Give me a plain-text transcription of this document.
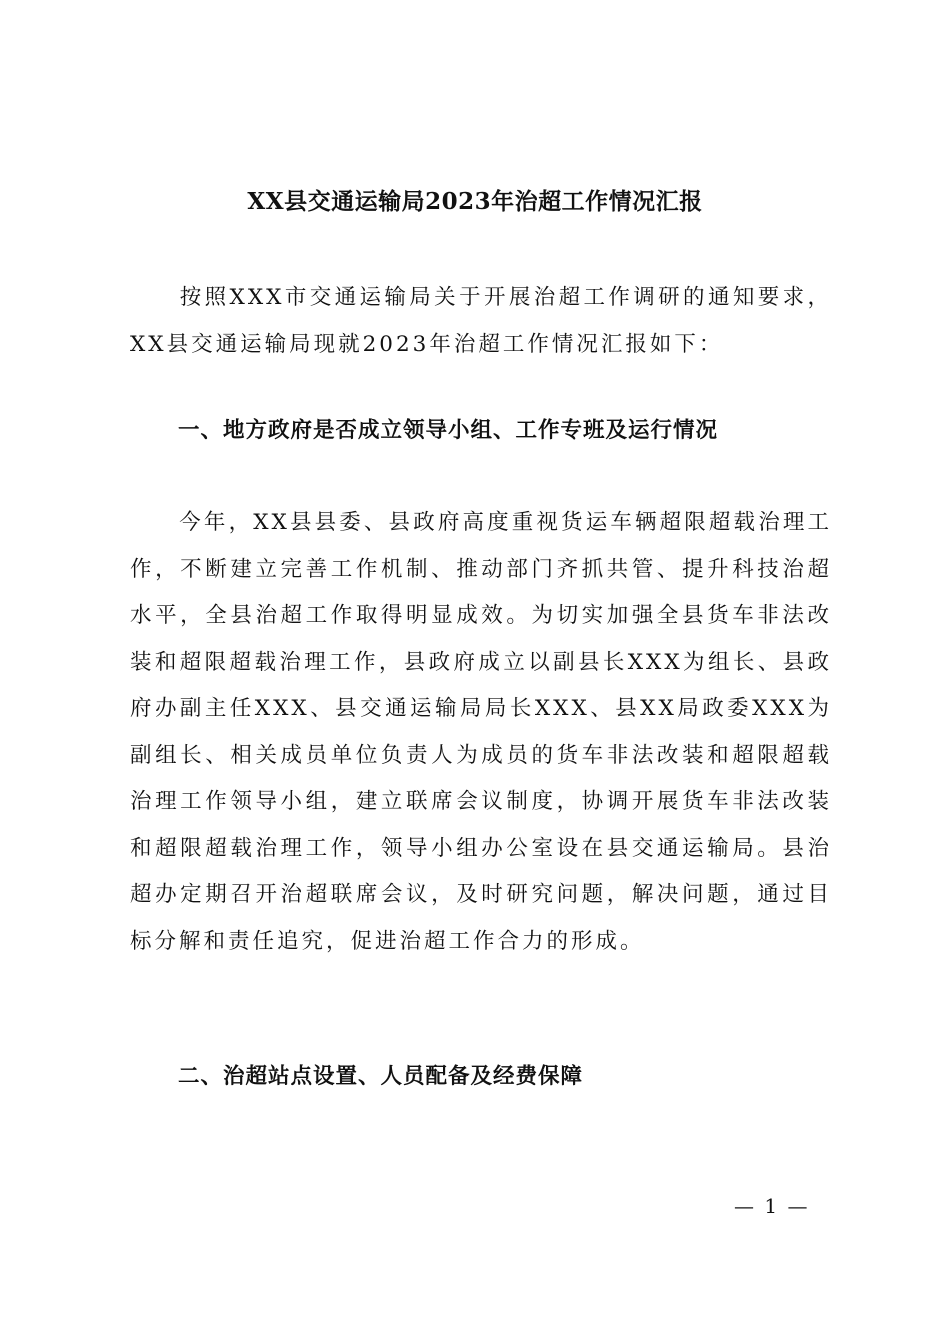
XX县交通运输局2023年治超工作情况汇报
　　按照XXX市交通运输局关于开展治超工作调研的通知要求，XX县交通运输局现就2023年治超工作情况汇报如下：
一、地方政府是否成立领导小组、工作专班及运行情况
　　今年，XX县县委、县政府高度重视货运车辆超限超载治理工作，不断建立完善工作机制、推动部门齐抓共管、提升科技治超水平，全县治超工作取得明显成效。为切实加强全县货车非法改装和超限超载治理工作，县政府成立以副县长XXX为组长、县政府办副主任XXX、县交通运输局局长XXX、县XX局政委XXX为副组长、相关成员单位负责人为成员的货车非法改装和超限超载治理工作领导小组，建立联席会议制度，协调开展货车非法改装和超限超载治理工作，领导小组办公室设在县交通运输局。县治超办定期召开治超联席会议，及时研究问题，解决问题，通过目标分解和责任追究，促进治超工作合力的形成。
二、治超站点设置、人员配备及经费保障
— 1 —
